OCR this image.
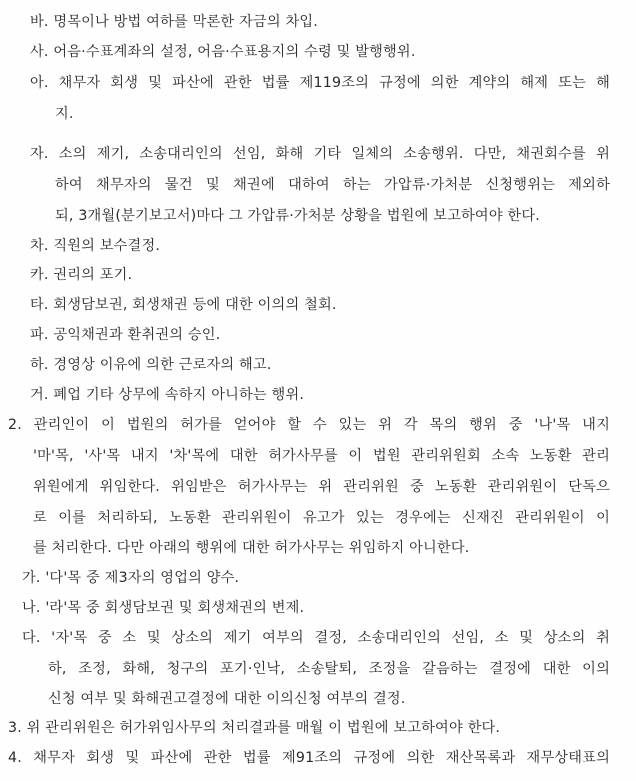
바. 명목이나 방법 여하를 막론한 자금의 차입.
사. 어음·수표계좌의 설정, 어음·수표용지의 수령 및 발행행위.
아. 채무자 회생 및 파산에 관한 법률 제119조의 규정에 의한 계약의 해제 또는 해
지.
자. 소의 제기, 소송대리인의 선임, 화해 기타 일체의 소송행위. 다만, 채권회수를 위
하여 채무자의 물건 및 채권에 대하여 하는 가압류·가처분 신청행위는 제외하
되, 3개월(분기보고서)마다 그 가압류·가처분 상황을 법원에 보고하여야 한다.
차. 직원의 보수결정.
카. 권리의 포기.
타. 회생담보권, 회생채권 등에 대한 이의의 철회.
파. 공익채권과 환취권의 승인.
하. 경영상 이유에 의한 근로자의 해고.
거. 폐업 기타 상무에 속하지 아니하는 행위.
2. 관리인이 이 법원의 허가를 얻어야 할 수 있는 위 각 목의 행위 중 '나'목 내지
'마'목, '사'목 내지 '차'목에 대한 허가사무를 이 법원 관리위원회 소속 노동환 관리
위원에게 위임한다. 위임받은 허가사무는 위 관리위원 중 노동환 관리위원이 단독으
로 이를 처리하되, 노동환 관리위원이 유고가 있는 경우에는 신재진 관리위원이 이
를 처리한다. 다만 아래의 행위에 대한 허가사무는 위임하지 아니한다.
가. '다'목 중 제3자의 영업의 양수.
나. '라'목 중 회생담보권 및 회생채권의 변제.
다. '자'목 중 소 및 상소의 제기 여부의 결정, 소송대리인의 선임, 소 및 상소의 취
하, 조정, 화해, 청구의 포기·인낙, 소송탈퇴, 조정을 갈음하는 결정에 대한 이의
신청 여부 및 화해권고결정에 대한 이의신청 여부의 결정.
3. 위 관리위원은 허가위임사무의 처리결과를 매월 이 법원에 보고하여야 한다.
4. 채무자 회생 및 파산에 관한 법률 제91조의 규정에 의한 재산목록과 재무상태표의
